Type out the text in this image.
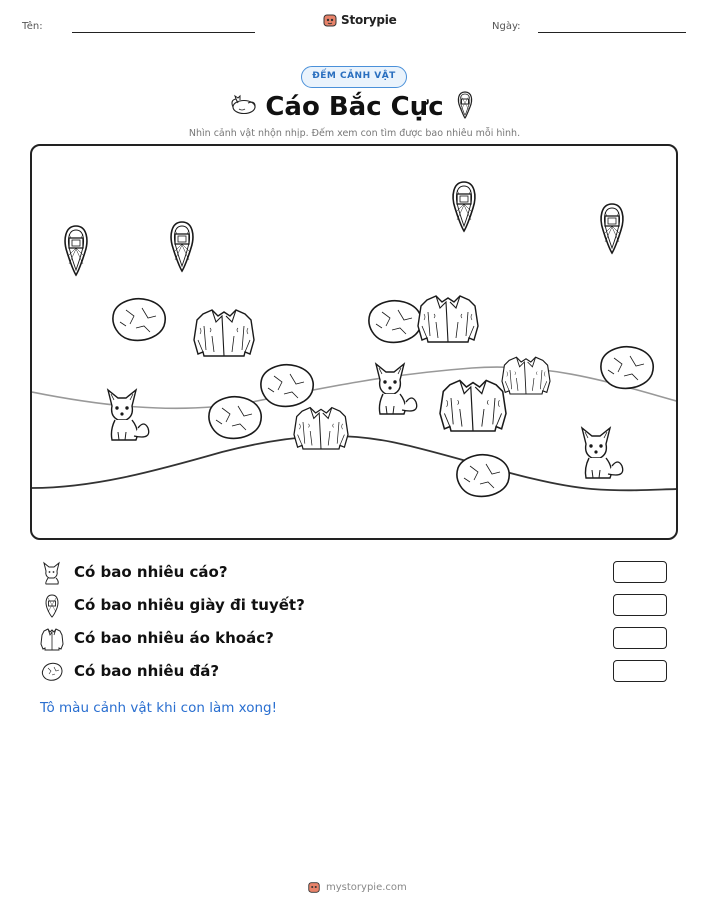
Tên:	Storypie	Ngày:
ĐẾM CẢNH VẬT
Cáo Bắc Cực
Nhìn cảnh vật nhộn nhịp. Đếm xem con tìm được bao nhiêu mỗi hình.
Có bao nhiêu cáo?
Có bao nhiêu giày đi tuyết?
Có bao nhiêu áo khoác?
Có bao nhiêu đá?
Tô màu cảnh vật khi con làm xong!
mystorypie.com
